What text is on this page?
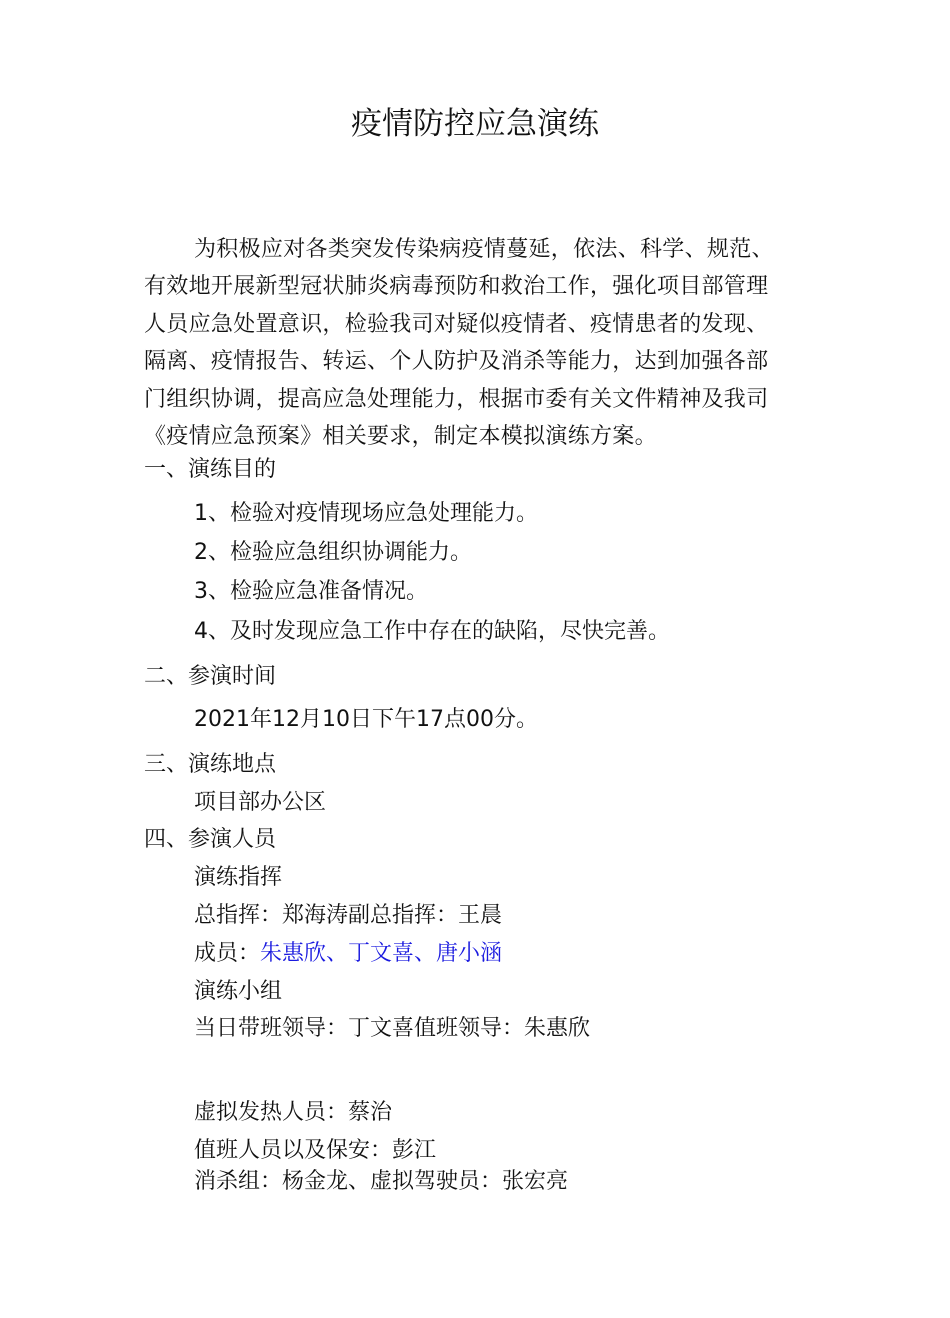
疫情防控应急演练
为积极应对各类突发传染病疫情蔓延，依法、科学、规范、
有效地开展新型冠状肺炎病毒预防和救治工作，强化项目部管理
人员应急处置意识，检验我司对疑似疫情者、疫情患者的发现、
隔离、疫情报告、转运、个人防护及消杀等能力，达到加强各部
门组织协调，提高应急处理能力，根据市委有关文件精神及我司
《疫情应急预案》相关要求，制定本模拟演练方案。
一、演练目的
1、检验对疫情现场应急处理能力。
2、检验应急组织协调能力。
3、检验应急准备情况。
4、及时发现应急工作中存在的缺陷，尽快完善。
二、参演时间
2021年12月10日下午17点00分。
三、演练地点
项目部办公区
四、参演人员
演练指挥
总指挥：郑海涛副总指挥：王晨
成员：朱惠欣、丁文喜、唐小涵
演练小组
当日带班领导：丁文喜值班领导：朱惠欣
虚拟发热人员：蔡治
值班人员以及保安：彭江
消杀组：杨金龙、虚拟驾驶员：张宏亮
